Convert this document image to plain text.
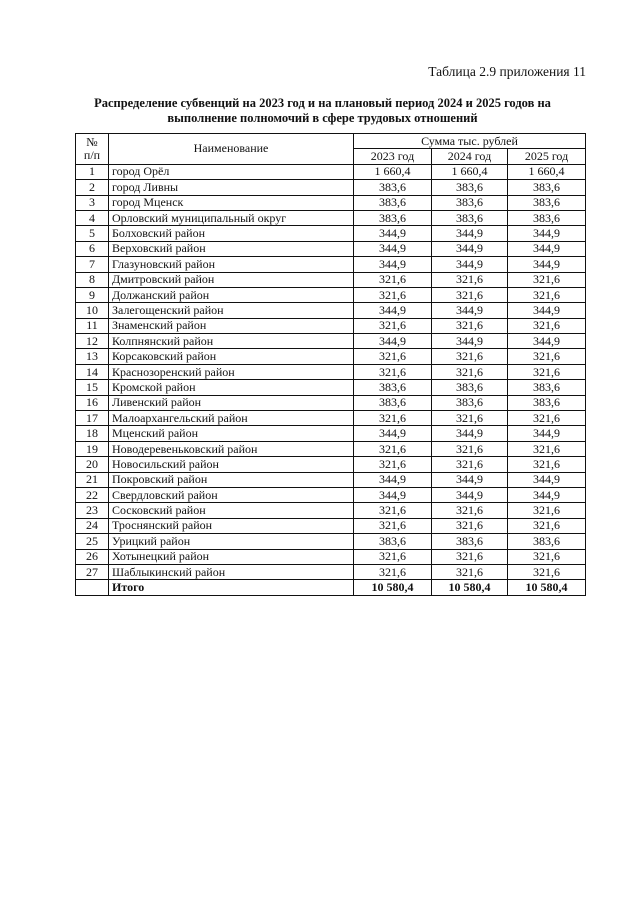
Таблица 2.9 приложения 11
Распределение субвенций на 2023 год и на плановый период 2024 и 2025 годов на
выполнение полномочий в сфере трудовых отношений
№
п/п	Наименование	Сумма тыс. рублей		
		2023 год	2024 год	2025 год
1	город Орёл	1 660,4	1 660,4	1 660,4
2	город Ливны	383,6	383,6	383,6
3	город Мценск	383,6	383,6	383,6
4	Орловский муниципальный округ	383,6	383,6	383,6
5	Болховский район	344,9	344,9	344,9
6	Верховский район	344,9	344,9	344,9
7	Глазуновский район	344,9	344,9	344,9
8	Дмитровский район	321,6	321,6	321,6
9	Должанский район	321,6	321,6	321,6
10	Залегощенский район	344,9	344,9	344,9
11	Знаменский район	321,6	321,6	321,6
12	Колпнянский район	344,9	344,9	344,9
13	Корсаковский район	321,6	321,6	321,6
14	Краснозоренский район	321,6	321,6	321,6
15	Кромской район	383,6	383,6	383,6
16	Ливенский район	383,6	383,6	383,6
17	Малоархангельский район	321,6	321,6	321,6
18	Мценский район	344,9	344,9	344,9
19	Новодеревеньковский район	321,6	321,6	321,6
20	Новосильский район	321,6	321,6	321,6
21	Покровский район	344,9	344,9	344,9
22	Свердловский район	344,9	344,9	344,9
23	Сосковский район	321,6	321,6	321,6
24	Троснянский район	321,6	321,6	321,6
25	Урицкий район	383,6	383,6	383,6
26	Хотынецкий район	321,6	321,6	321,6
27	Шаблыкинский район	321,6	321,6	321,6
	Итого	10 580,4	10 580,4	10 580,4
